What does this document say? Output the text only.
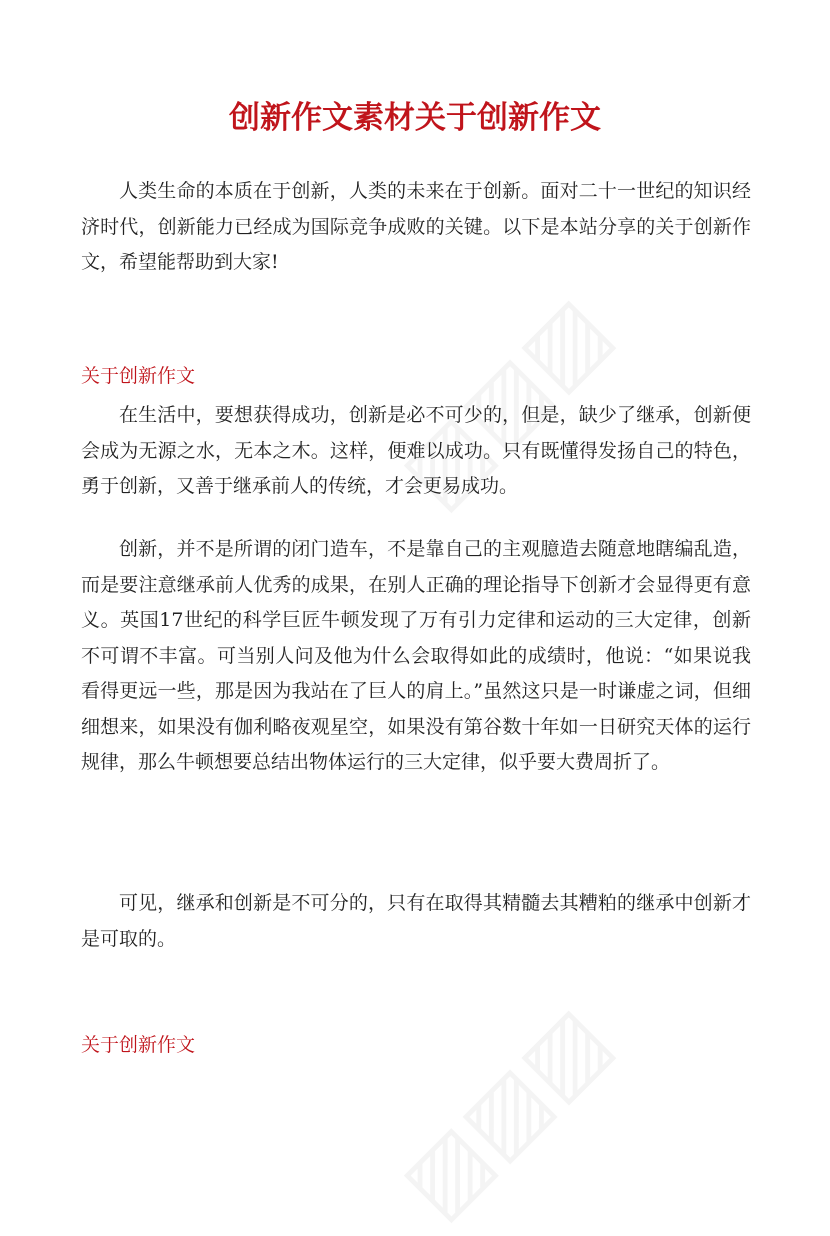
创新作文素材关于创新作文

人类生命的本质在于创新，人类的未来在于创新。面对二十一世纪的知识经济时代，创新能力已经成为国际竞争成败的关键。以下是本站分享的关于创新作文，希望能帮助到大家!

关于创新作文

在生活中，要想获得成功，创新是必不可少的，但是，缺少了继承，创新便会成为无源之水，无本之木。这样，便难以成功。只有既懂得发扬自己的特色，勇于创新，又善于继承前人的传统，才会更易成功。

创新，并不是所谓的闭门造车，不是靠自己的主观臆造去随意地瞎编乱造，而是要注意继承前人优秀的成果，在别人正确的理论指导下创新才会显得更有意义。英国17世纪的科学巨匠牛顿发现了万有引力定律和运动的三大定律，创新不可谓不丰富。可当别人问及他为什么会取得如此的成绩时，他说：“如果说我看得更远一些，那是因为我站在了巨人的肩上。”虽然这只是一时谦虚之词，但细细想来，如果没有伽利略夜观星空，如果没有第谷数十年如一日研究天体的运行规律，那么牛顿想要总结出物体运行的三大定律，似乎要大费周折了。

可见，继承和创新是不可分的，只有在取得其精髓去其糟粕的继承中创新才是可取的。

关于创新作文
